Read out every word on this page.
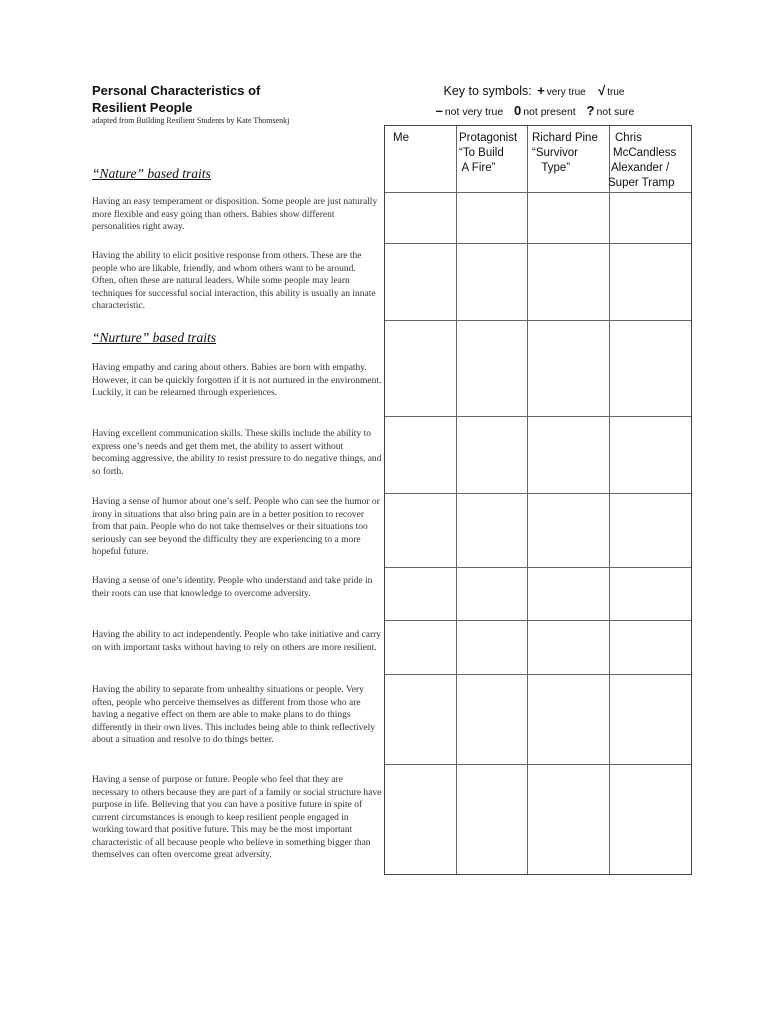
Personal Characteristics of
Resilient People
adapted from Building Resilient Students by Kate Thomsenkj
Key to symbols: + very true √ true
– not very true 0 not present ? not sure
“Nature” based traits
“Nurture” based traits
Having an easy temperament or disposition. Some people are just naturally more flexible and easy going than others. Babies show different personalities right away.
Having the ability to elicit positive response from others. These are the people who are likable, friendly, and whom others want to be around. Often, often these are natural leaders. While some people may learn techniques for successful social interaction, this ability is usually an innate characteristic.
Having empathy and caring about others. Babies are born with empathy. However, it can be quickly forgotten if it is not nurtured in the environment. Luckily, it can be relearned through experiences.
Having excellent communication skills. These skills include the ability to express one’s needs and get them met, the ability to assert without becoming aggressive, the ability to resist pressure to do negative things, and so forth.
Having a sense of humor about one’s self. People who can see the humor or irony in situations that also bring pain are in a better position to recover from that pain. People who do not take themselves or their situations too seriously can see beyond the difficulty they are experiencing to a more hopeful future.
Having a sense of one’s identity. People who understand and take pride in their roots can use that knowledge to overcome adversity.
Having the ability to act independently. People who take initiative and carry on with important tasks without having to rely on others are more resilient.
Having the ability to separate from unhealthy situations or people. Very often, people who perceive themselves as different from those who are having a negative effect on them are able to make plans to do things differently in their own lives. This includes being able to think reflectively about a situation and resolve to do things better.
Having a sense of purpose or future. People who feel that they are necessary to others because they are part of a family or social structure have purpose in life. Believing that you can have a positive future in spite of current circumstances is enough to keep resilient people engaged in working toward that positive future. This may be the most important characteristic of all because people who believe in something bigger than themselves can often overcome great adversity.
Me	Protagonist
“To Build
A Fire”
Richard Pine
“Survivor
Type”
Chris
McCandless
Alexander /
Super Tramp
